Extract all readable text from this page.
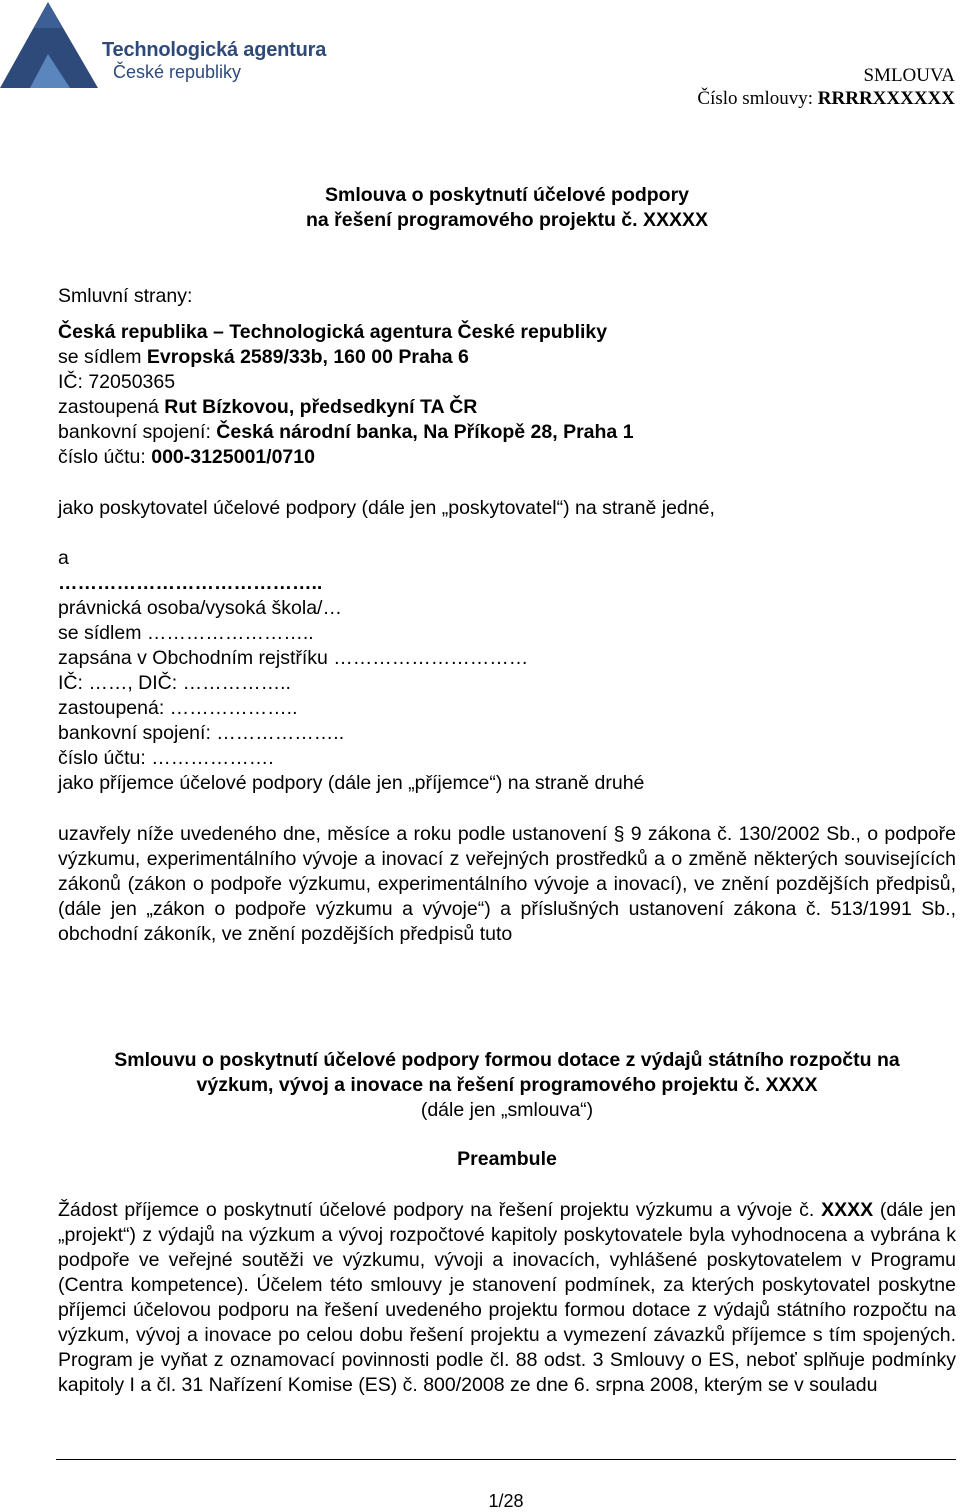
Technologická agentura
České republiky	SMLOUVA
Číslo smlouvy: RRRRXXXXXX
Smlouva o poskytnutí účelové podpory
na řešení programového projektu č. XXXXX
Smluvní strany:

Česká republika – Technologická agentura České republiky

se sídlem Evropská 2589/33b, 160 00 Praha 6

IČ: 72050365

zastoupená Rut Bízkovou, předsedkyní TA ČR

bankovní spojení: Česká národní banka, Na Příkopě 28, Praha 1

číslo účtu: 000-3125001/0710

jako poskytovatel účelové podpory (dále jen „poskytovatel“) na straně jedné,
a

…………………………………..

právnická osoba/vysoká škola/…

se sídlem ……………………..

zapsána v Obchodním rejstříku …………………………

IČ: ……, DIČ: ……………..

zastoupená: ………………..

bankovní spojení: ………………..

číslo účtu: ……………….

jako příjemce účelové podpory (dále jen „příjemce“) na straně druhé

uzavřely níže uvedeného dne, měsíce a roku podle ustanovení § 9 zákona č. 130/2002 Sb., o podpoře výzkumu, experimentálního vývoje a inovací z veřejných prostředků a o změně některých souvisejících zákonů (zákon o podpoře výzkumu, experimentálního vývoje a inovací), ve znění pozdějších předpisů, (dále jen „zákon o podpoře výzkumu a vývoje“) a příslušných ustanovení zákona č. 513/1991 Sb., obchodní zákoník, ve znění pozdějších předpisů tuto
Smlouvu o poskytnutí účelové podpory formou dotace z výdajů státního rozpočtu na
výzkum, vývoj a inovace na řešení programového projektu č. XXXX
(dále jen „smlouva“)
Preambule
Žádost příjemce o poskytnutí účelové podpory na řešení projektu výzkumu a vývoje č. XXXX (dále jen „projekt“) z výdajů na výzkum a vývoj rozpočtové kapitoly poskytovatele byla vyhodnocena a vybrána k podpoře ve veřejné soutěži ve výzkumu, vývoji a inovacích, vyhlášené poskytovatelem v Programu (Centra kompetence). Účelem této smlouvy je stanovení podmínek, za kterých poskytovatel poskytne příjemci účelovou podporu na řešení uvedeného projektu formou dotace z výdajů státního rozpočtu na výzkum, vývoj a inovace po celou dobu řešení projektu a vymezení závazků příjemce s tím spojených. Program je vyňat z oznamovací povinnosti podle čl. 88 odst. 3 Smlouvy o ES, neboť splňuje podmínky kapitoly I a čl. 31 Nařízení Komise (ES) č. 800/2008 ze dne 6. srpna 2008, kterým se v souladu
1/28
